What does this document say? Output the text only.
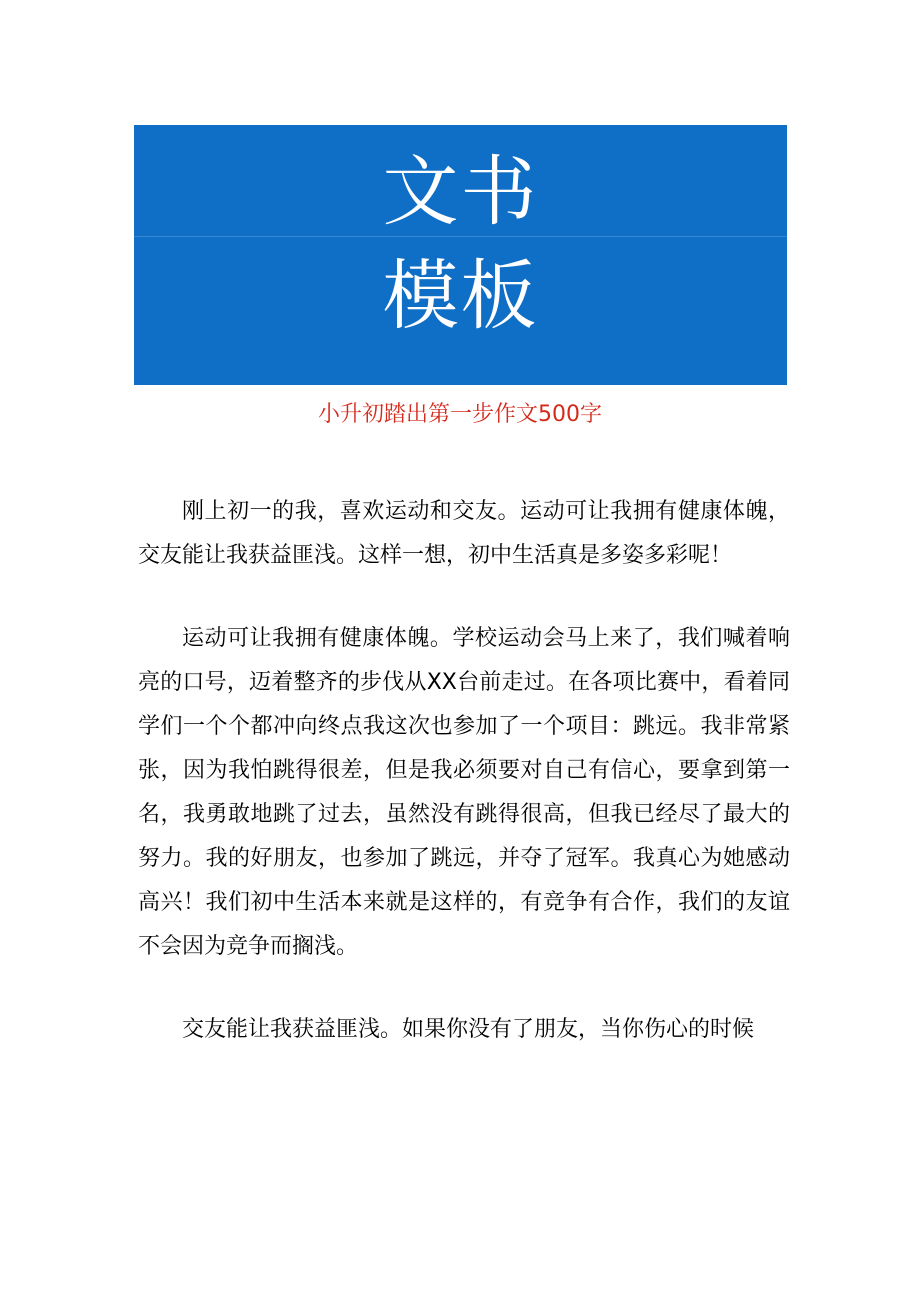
文书
模板
小升初踏出第一步作文500字

刚上初一的我，喜欢运动和交友。运动可让我拥有健康体魄，交友能让我获益匪浅。这样一想，初中生活真是多姿多彩呢！

运动可让我拥有健康体魄。学校运动会马上来了，我们喊着响亮的口号，迈着整齐的步伐从XX台前走过。在各项比赛中，看着同学们一个个都冲向终点我这次也参加了一个项目：跳远。我非常紧张，因为我怕跳得很差，但是我必须要对自己有信心，要拿到第一名，我勇敢地跳了过去，虽然没有跳得很高，但我已经尽了最大的努力。我的好朋友，也参加了跳远，并夺了冠军。我真心为她感动高兴！我们初中生活本来就是这样的，有竞争有合作，我们的友谊不会因为竞争而搁浅。

交友能让我获益匪浅。如果你没有了朋友，当你伤心的时候
